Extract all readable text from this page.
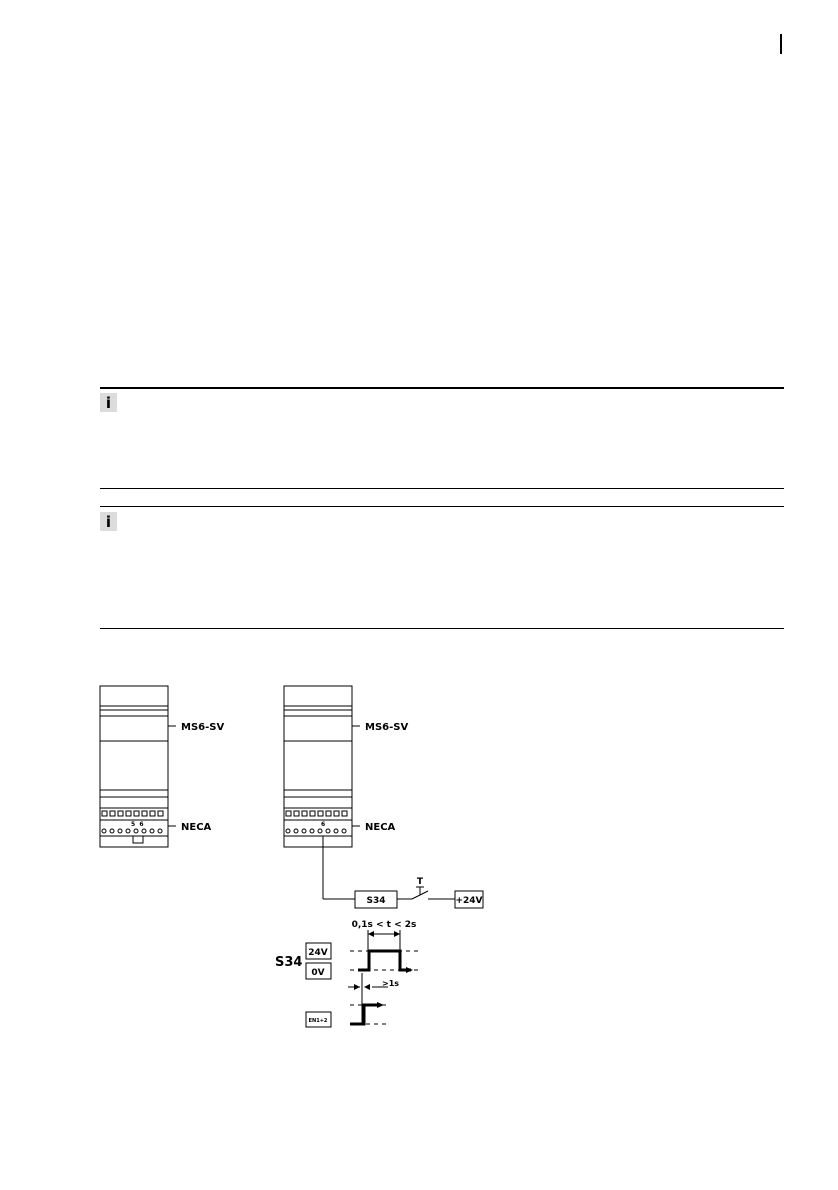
i
i
MS6-SV
NECA
MS6-SV
NECA
5  6	6
S34	+24V
T
0,1s < t < 2s
S34
24V
0V
>1s
EN1+2
